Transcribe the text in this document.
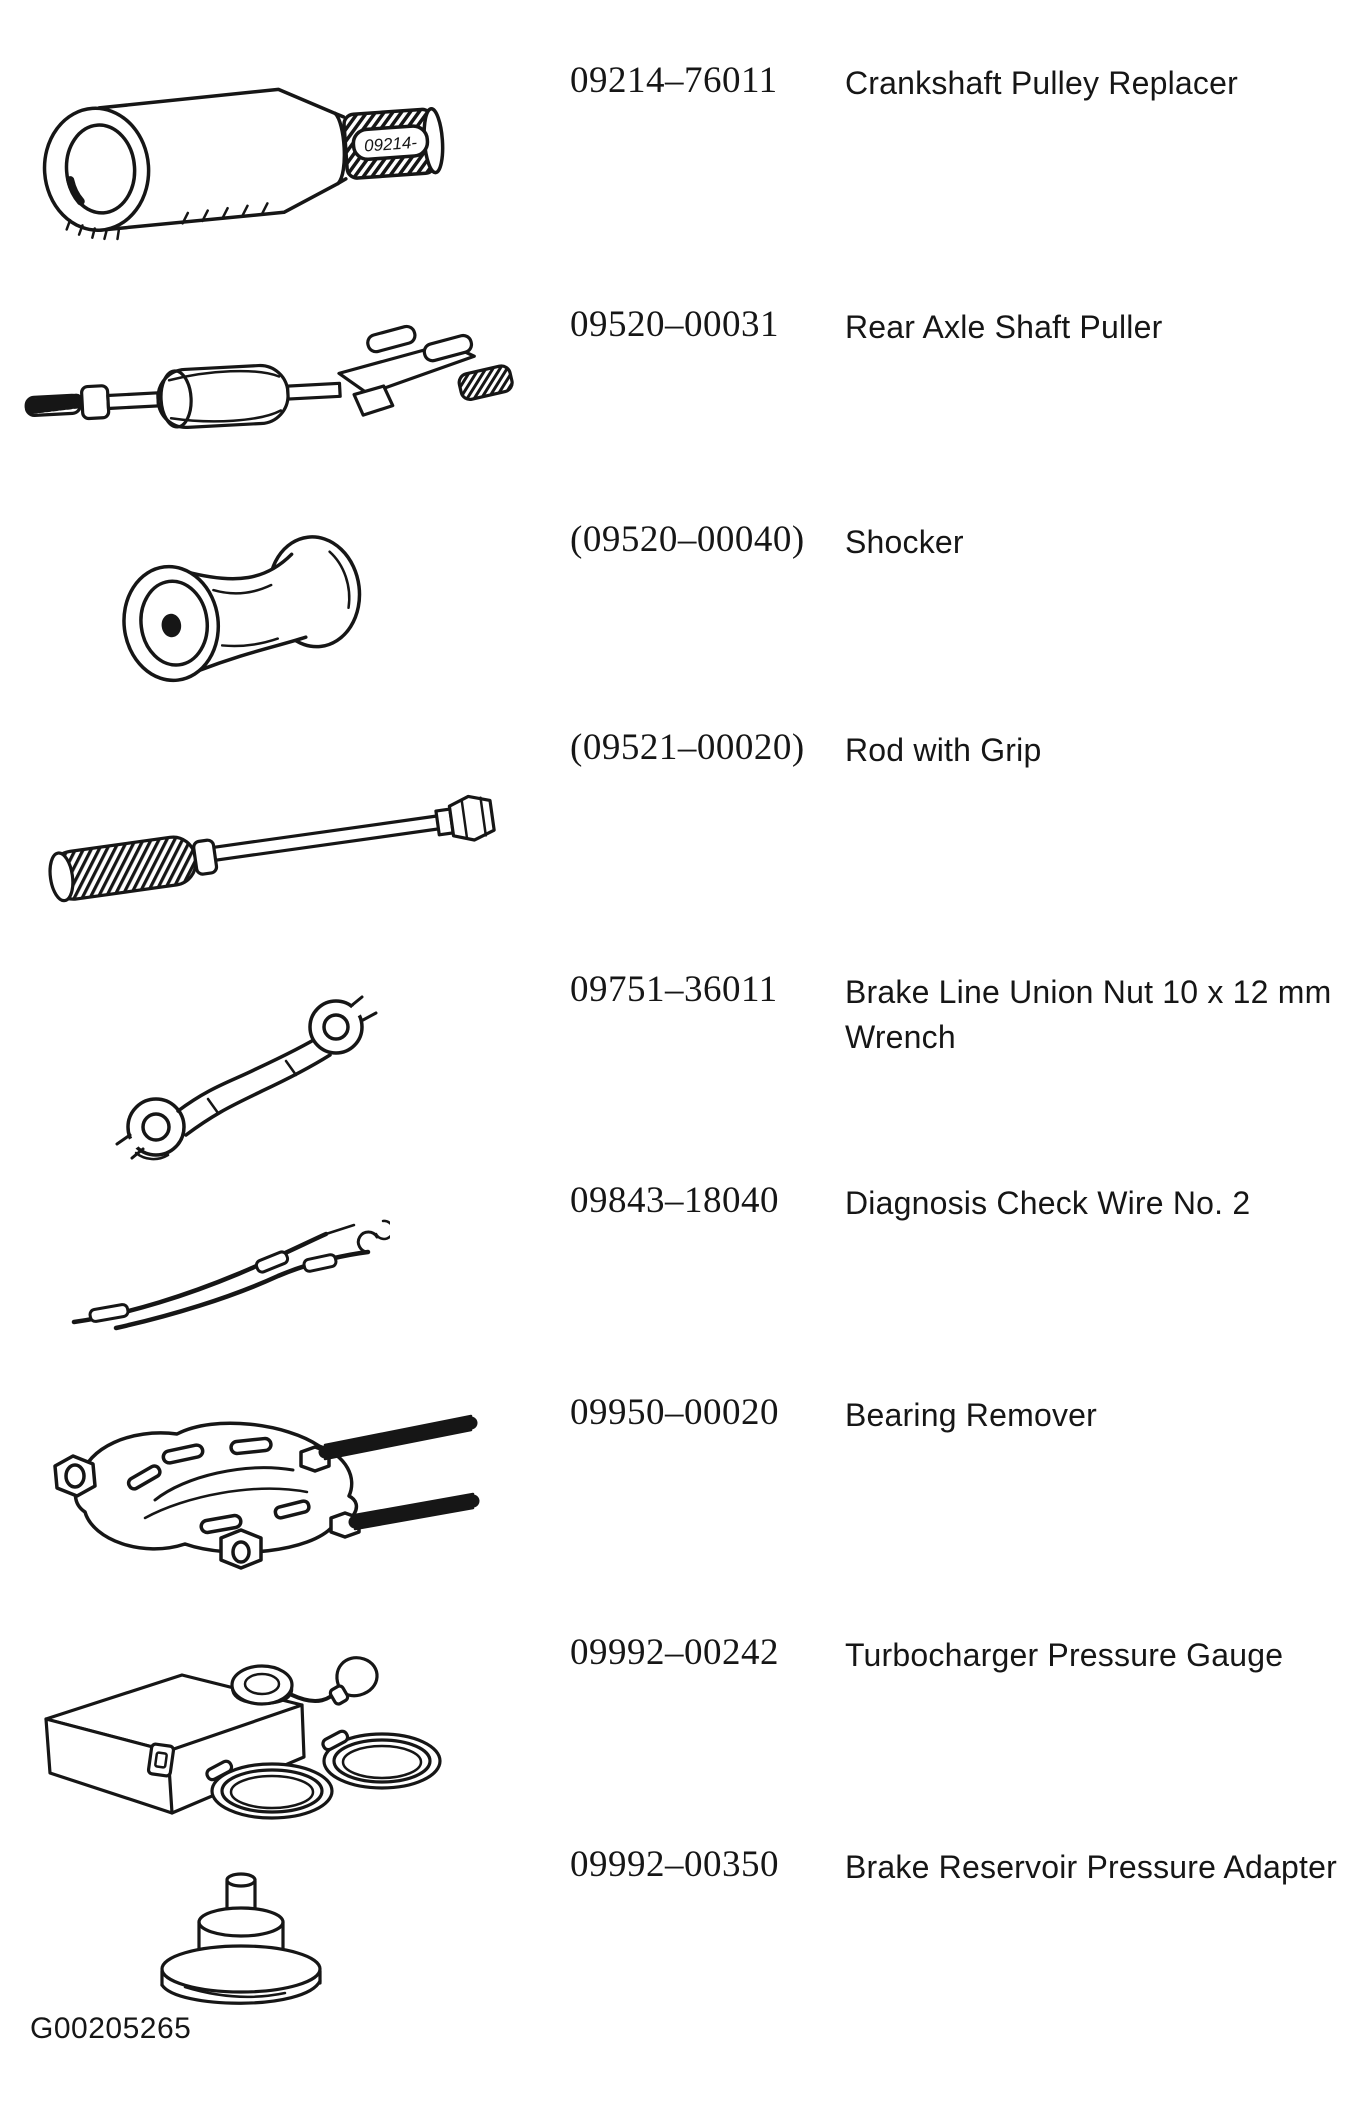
09214-
09214–76011 Crankshaft Pulley Replacer
09520–00031 Rear Axle Shaft Puller
(09520–00040) Shocker
(09521–00020) Rod with Grip
09751–36011 Brake Line Union Nut 10 x 12 mm Wrench
09843–18040 Diagnosis Check Wire No. 2
09950–00020 Bearing Remover
09992–00242 Turbocharger Pressure Gauge
09992–00350 Brake Reservoir Pressure Adapter
G00205265
